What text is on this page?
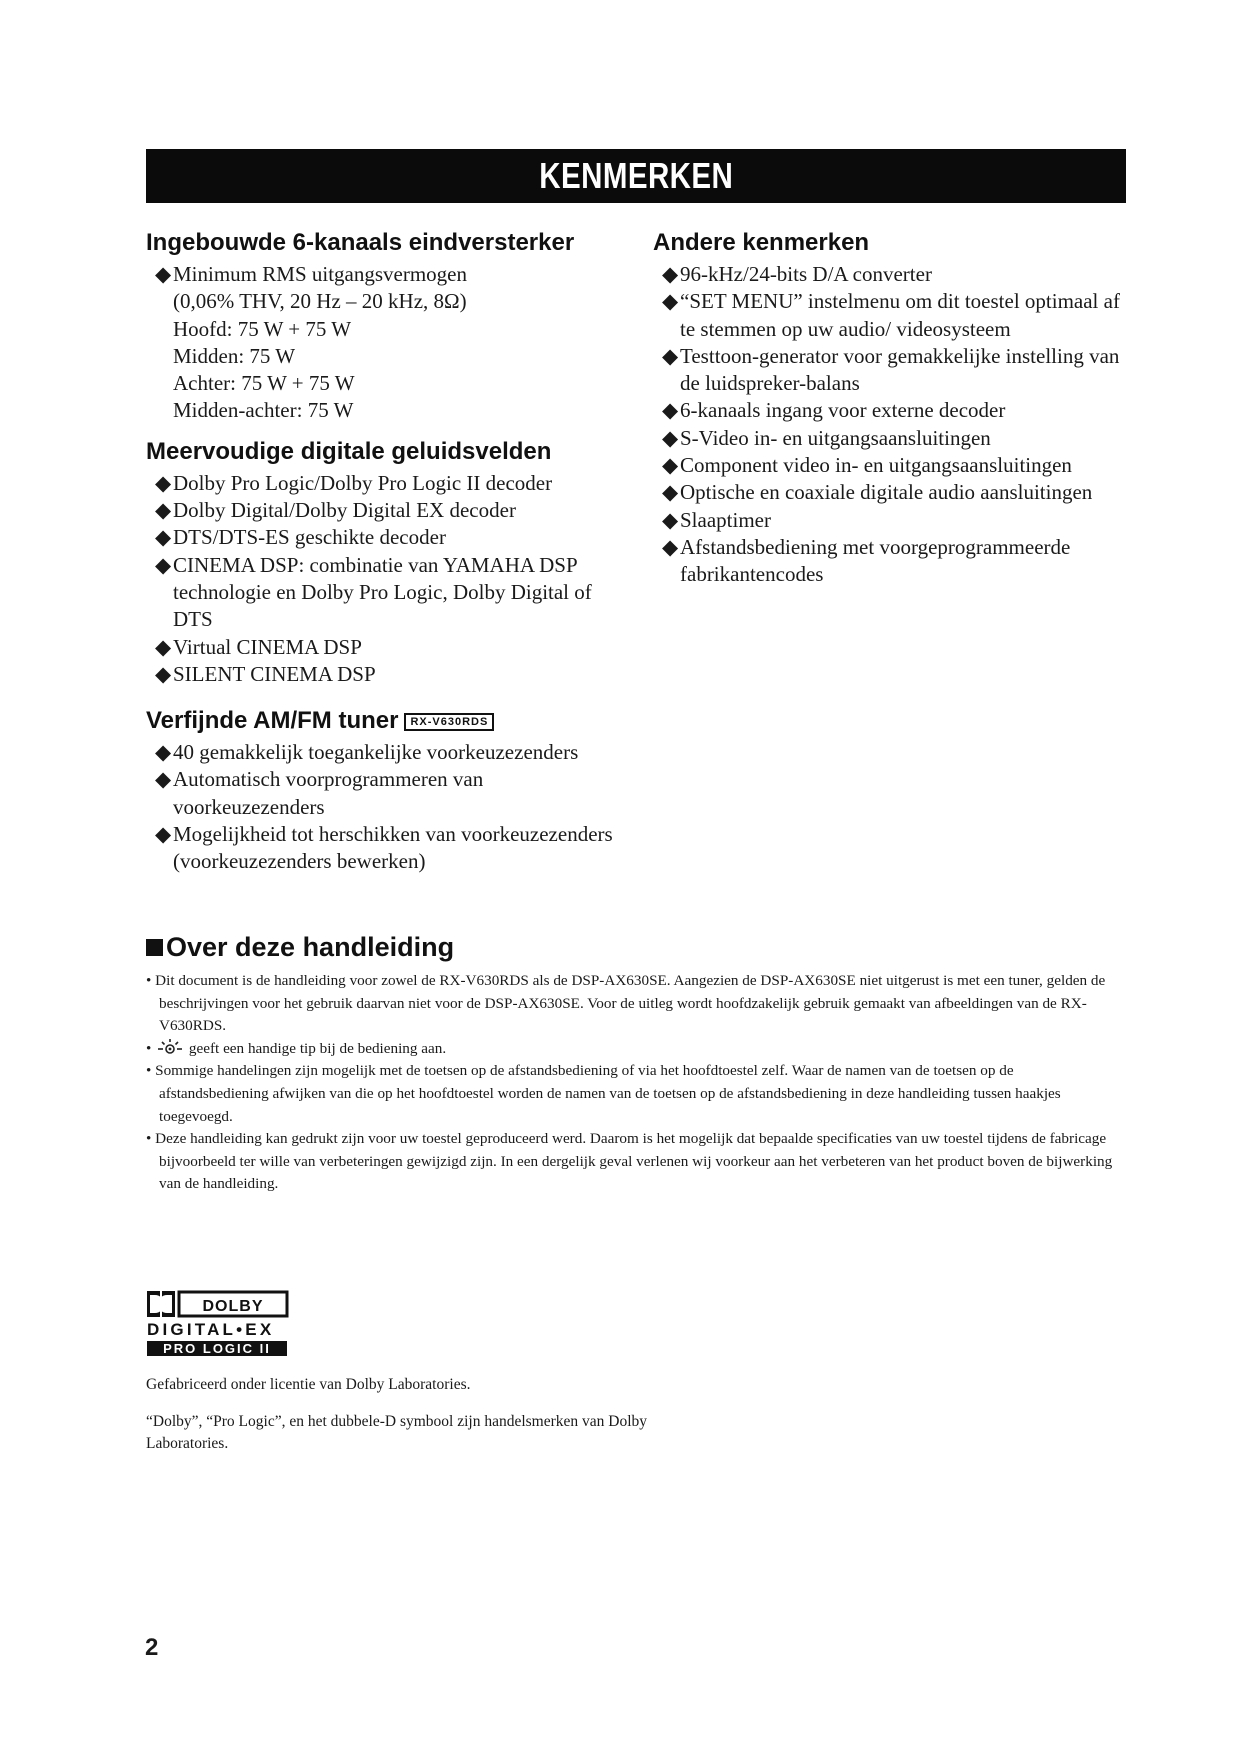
KENMERKEN
Ingebouwde 6-kanaals eindversterker
◆Minimum RMS uitgangsvermogen
(0,06% THV, 20 Hz – 20 kHz, 8Ω)
Hoofd: 75 W + 75 W
Midden: 75 W
Achter: 75 W + 75 W
Midden-achter: 75 W
Meervoudige digitale geluidsvelden
◆Dolby Pro Logic/Dolby Pro Logic II decoder
◆Dolby Digital/Dolby Digital EX decoder
◆DTS/DTS-ES geschikte decoder
◆CINEMA DSP: combinatie van YAMAHA DSP technologie en Dolby Pro Logic, Dolby Digital of DTS
◆Virtual CINEMA DSP
◆SILENT CINEMA DSP
Verfijnde AM/FM tuner RX-V630RDS
◆40 gemakkelijk toegankelijke voorkeuzezenders
◆Automatisch voorprogrammeren van voorkeuzezenders
◆Mogelijkheid tot herschikken van voorkeuzezenders (voorkeuzezenders bewerken)
Andere kenmerken
◆96-kHz/24-bits D/A converter
◆“SET MENU” instelmenu om dit toestel optimaal af te stemmen op uw audio/ videosysteem
◆Testtoon-generator voor gemakkelijke instelling van de luidspreker-balans
◆6-kanaals ingang voor externe decoder
◆S-Video in- en uitgangsaansluitingen
◆Component video in- en uitgangsaansluitingen
◆Optische en coaxiale digitale audio aansluitingen
◆Slaaptimer
◆Afstandsbediening met voorgeprogrammeerde fabrikantencodes
Over deze handleiding
• Dit document is de handleiding voor zowel de RX-V630RDS als de DSP-AX630SE. Aangezien de DSP-AX630SE niet uitgerust is met een tuner, gelden de beschrijvingen voor het gebruik daarvan niet voor de DSP-AX630SE. Voor de uitleg wordt hoofdzakelijk gebruik gemaakt van afbeeldingen van de RX-V630RDS.
•  geeft een handige tip bij de bediening aan.
• Sommige handelingen zijn mogelijk met de toetsen op de afstandsbediening of via het hoofdtoestel zelf. Waar de namen van de toetsen op de afstandsbediening afwijken van die op het hoofdtoestel worden de namen van de toetsen op de afstandsbediening in deze handleiding tussen haakjes toegevoegd.
• Deze handleiding kan gedrukt zijn voor uw toestel geproduceerd werd. Daarom is het mogelijk dat bepaalde specificaties van uw toestel tijdens de fabricage bijvoorbeeld ter wille van verbeteringen gewijzigd zijn. In een dergelijk geval verlenen wij voorkeur aan het verbeteren van het product boven de bijwerking van de handleiding.
DOLBY
DIGITAL•EX
PRO LOGIC II

Gefabriceerd onder licentie van Dolby Laboratories.

“Dolby”, “Pro Logic”, en het dubbele-D symbool zijn handelsmerken van Dolby Laboratories.

2
